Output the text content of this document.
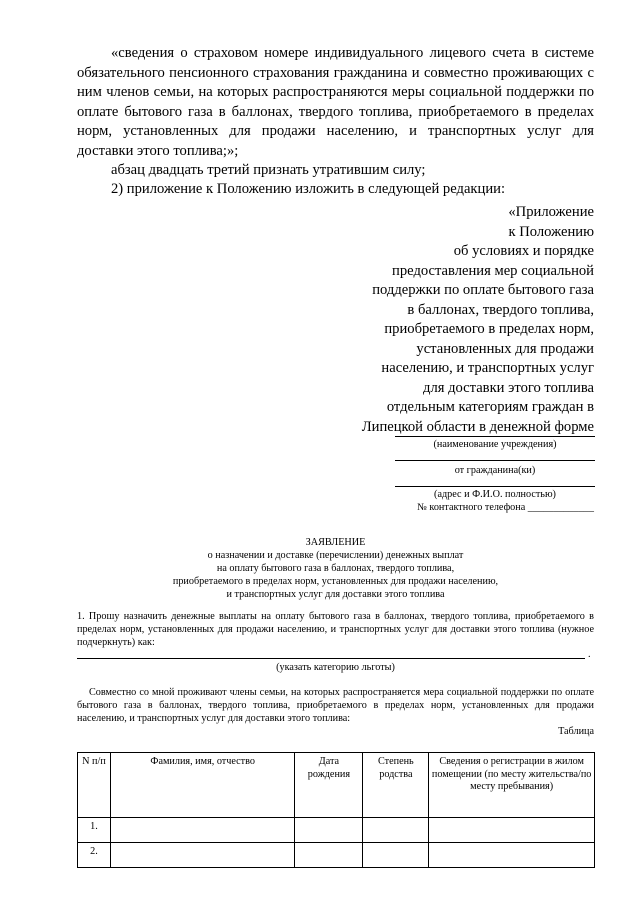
«сведения о страховом номере индивидуального лицевого счета в системе обязательного пенсионного страхования гражданина и совместно проживающих с ним членов семьи, на которых распространяются меры социальной поддержки по оплате бытового газа в баллонах, твердого топлива, приобретаемого в пределах норм, установленных для продажи населению, и транспортных услуг для доставки этого топлива;»;
абзац двадцать третий признать утратившим силу;
2) приложение к Положению изложить в следующей редакции:
«Приложение
к Положению
об условиях и порядке
предоставления мер социальной
поддержки по оплате бытового газа
в баллонах, твердого топлива,
приобретаемого в пределах норм,
установленных для продажи
населению, и транспортных услуг
для доставки этого топлива
отдельным категориям граждан в
Липецкой области в денежной форме
(наименование учреждения)
от гражданина(ки)
(адрес и Ф.И.О. полностью)
№ контактного телефона _____________
ЗАЯВЛЕНИЕ
о назначении и доставке (перечислении) денежных выплат
на оплату бытового газа в баллонах, твердого топлива,
приобретаемого в пределах норм, установленных для продажи населению,
и транспортных услуг для доставки этого топлива
1. Прошу назначить денежные выплаты на оплату бытового газа в баллонах, твердого топлива, приобретаемого в пределах норм, установленных для продажи населению, и транспортных услуг для доставки этого топлива (нужное подчеркнуть) как:
.
(указать категорию льготы)
Совместно со мной проживают члены семьи, на которых распространяется мера социальной поддержки по оплате бытового газа в баллонах, твердого топлива, приобретаемого в пределах норм, установленных для продажи населению, и транспортных услуг для доставки этого топлива:
Таблица
N п/п	Фамилия, имя, отчество	Дата рождения	Степень родства	Сведения о регистрации в жилом помещении (по месту жительства/по месту пребывания)
1.				
2.				
